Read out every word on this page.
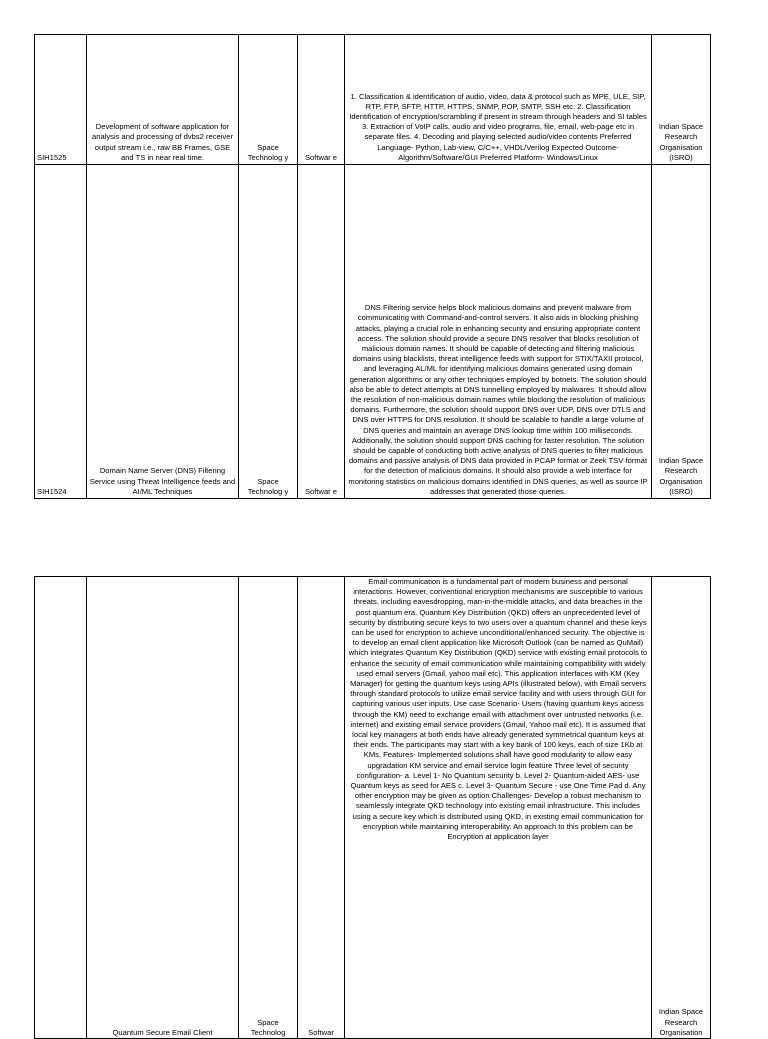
SIH1525	Development of software application for analysis and processing of dvbs2 receiver output stream i.e., raw BB Frames, GSE and TS in near real time.	Space Technolog y	Softwar e	1. Classification & identification of audio, video, data & protocol such as MPE, ULE, SIP, RTP, FTP, SFTP, HTTP, HTTPS, SNMP, POP, SMTP, SSH etc. 2. Classification Identification of encryption/scrambling if present in stream through headers and SI tables 3. Extraction of VoIP calls, audio and video programs, file, email, web-page etc in separate files. 4. Decoding and playing selected audio/video contents Preferred Language- Python, Lab-view, C/C++, VHDL/Verilog Expected Outcome- Algorithm/Software/GUI Preferred Platform- Windows/Linux	Indian Space Research Organisation (ISRO)
SIH1524	Domain Name Server (DNS) Filtering Service using Threat Intelligence feeds and AI/ML Techniques	Space Technolog y	Softwar e	DNS Filtering service helps block malicious domains and prevent malware from communicating with Command-and-control servers. It also aids in blocking phishing attacks, playing a crucial role in enhancing security and ensuring appropriate content access. The solution should provide a secure DNS resolver that blocks resolution of malicious domain names. It should be capable of detecting and filtering malicious domains using blacklists, threat intelligence feeds with support for STIX/TAXII protocol, and leveraging AL/ML for identifying malicious domains generated using domain generation algorithms or any other techniques employed by botnets. The solution should also be able to detect attempts at DNS tunnelling employed by malwares. It should allow the resolution of non-malicious domain names while blocking the resolution of malicious domains. Furthermore, the solution should support DNS over UDP, DNS over DTLS and DNS over HTTPS for DNS resolution. It should be scalable to handle a large volume of DNS queries and maintain an average DNS lookup time within 100 milliseconds. Additionally, the solution should support DNS caching for faster resolution. The solution should be capable of conducting both active analysis of DNS queries to filter malicious domains and passive analysis of DNS data provided in PCAP format or Zeek TSV format for the detection of malicious domains. It should also provide a web interface for monitoring statistics on malicious domains identified in DNS queries, as well as source IP addresses that generated those queries.	Indian Space Research Organisation (ISRO)
	Quantum Secure Email Client	Space Technolog	Softwar	Email communication is a fundamental part of modern business and personal interactions. However, conventional encryption mechanisms are susceptible to various threats, including eavesdropping, man-in-the-middle attacks, and data breaches in the post quantum era. Quantum Key Distribution (QKD) offers an unprecedented level of security by distributing secure keys to two users over a quantum channel and these keys can be used for encryption to achieve unconditional/enhanced security. The objective is to develop an email client application like Microsoft Outlook (can be named as QuMail) which integrates Quantum Key Distribution (QKD) service with existing email protocols to enhance the security of email communication while maintaining compatibility with widely used email servers (Gmail, yahoo mail etc). This application interfaces with KM (Key Manager) for getting the quantum keys using APIs (illustrated below), with Email servers through standard protocols to utilize email service facility and with users through GUI for capturing various user inputs. Use case Scenario- Users (having quantum keys access through the KM) need to exchange email with attachment over untrusted networks (i.e. internet) and existing email service providers (Gmail, Yahoo mail etc). It is assumed that local key managers at both ends have already generated symmetrical quantum keys at their ends. The participants may start with a key bank of 100 keys, each of size 1Kb at KMs. Features- Implemented solutions shall have good modularity to allow easy upgradation KM service and email service login feature Three level of security configuration- a. Level 1- No Quantum security b. Level 2- Quantum-aided AES- use Quantum keys as seed for AES c. Level 3- Quantum Secure - use One Time Pad d. Any other encryption may be given as option Challenges- Develop a robust mechanism to seamlessly integrate QKD technology into existing email infrastructure. This includes using a secure key which is distributed using QKD, in existing email communication for encryption while maintaining interoperability. An approach to this problem can be Encryption at application layer	Indian Space Research Organisation
